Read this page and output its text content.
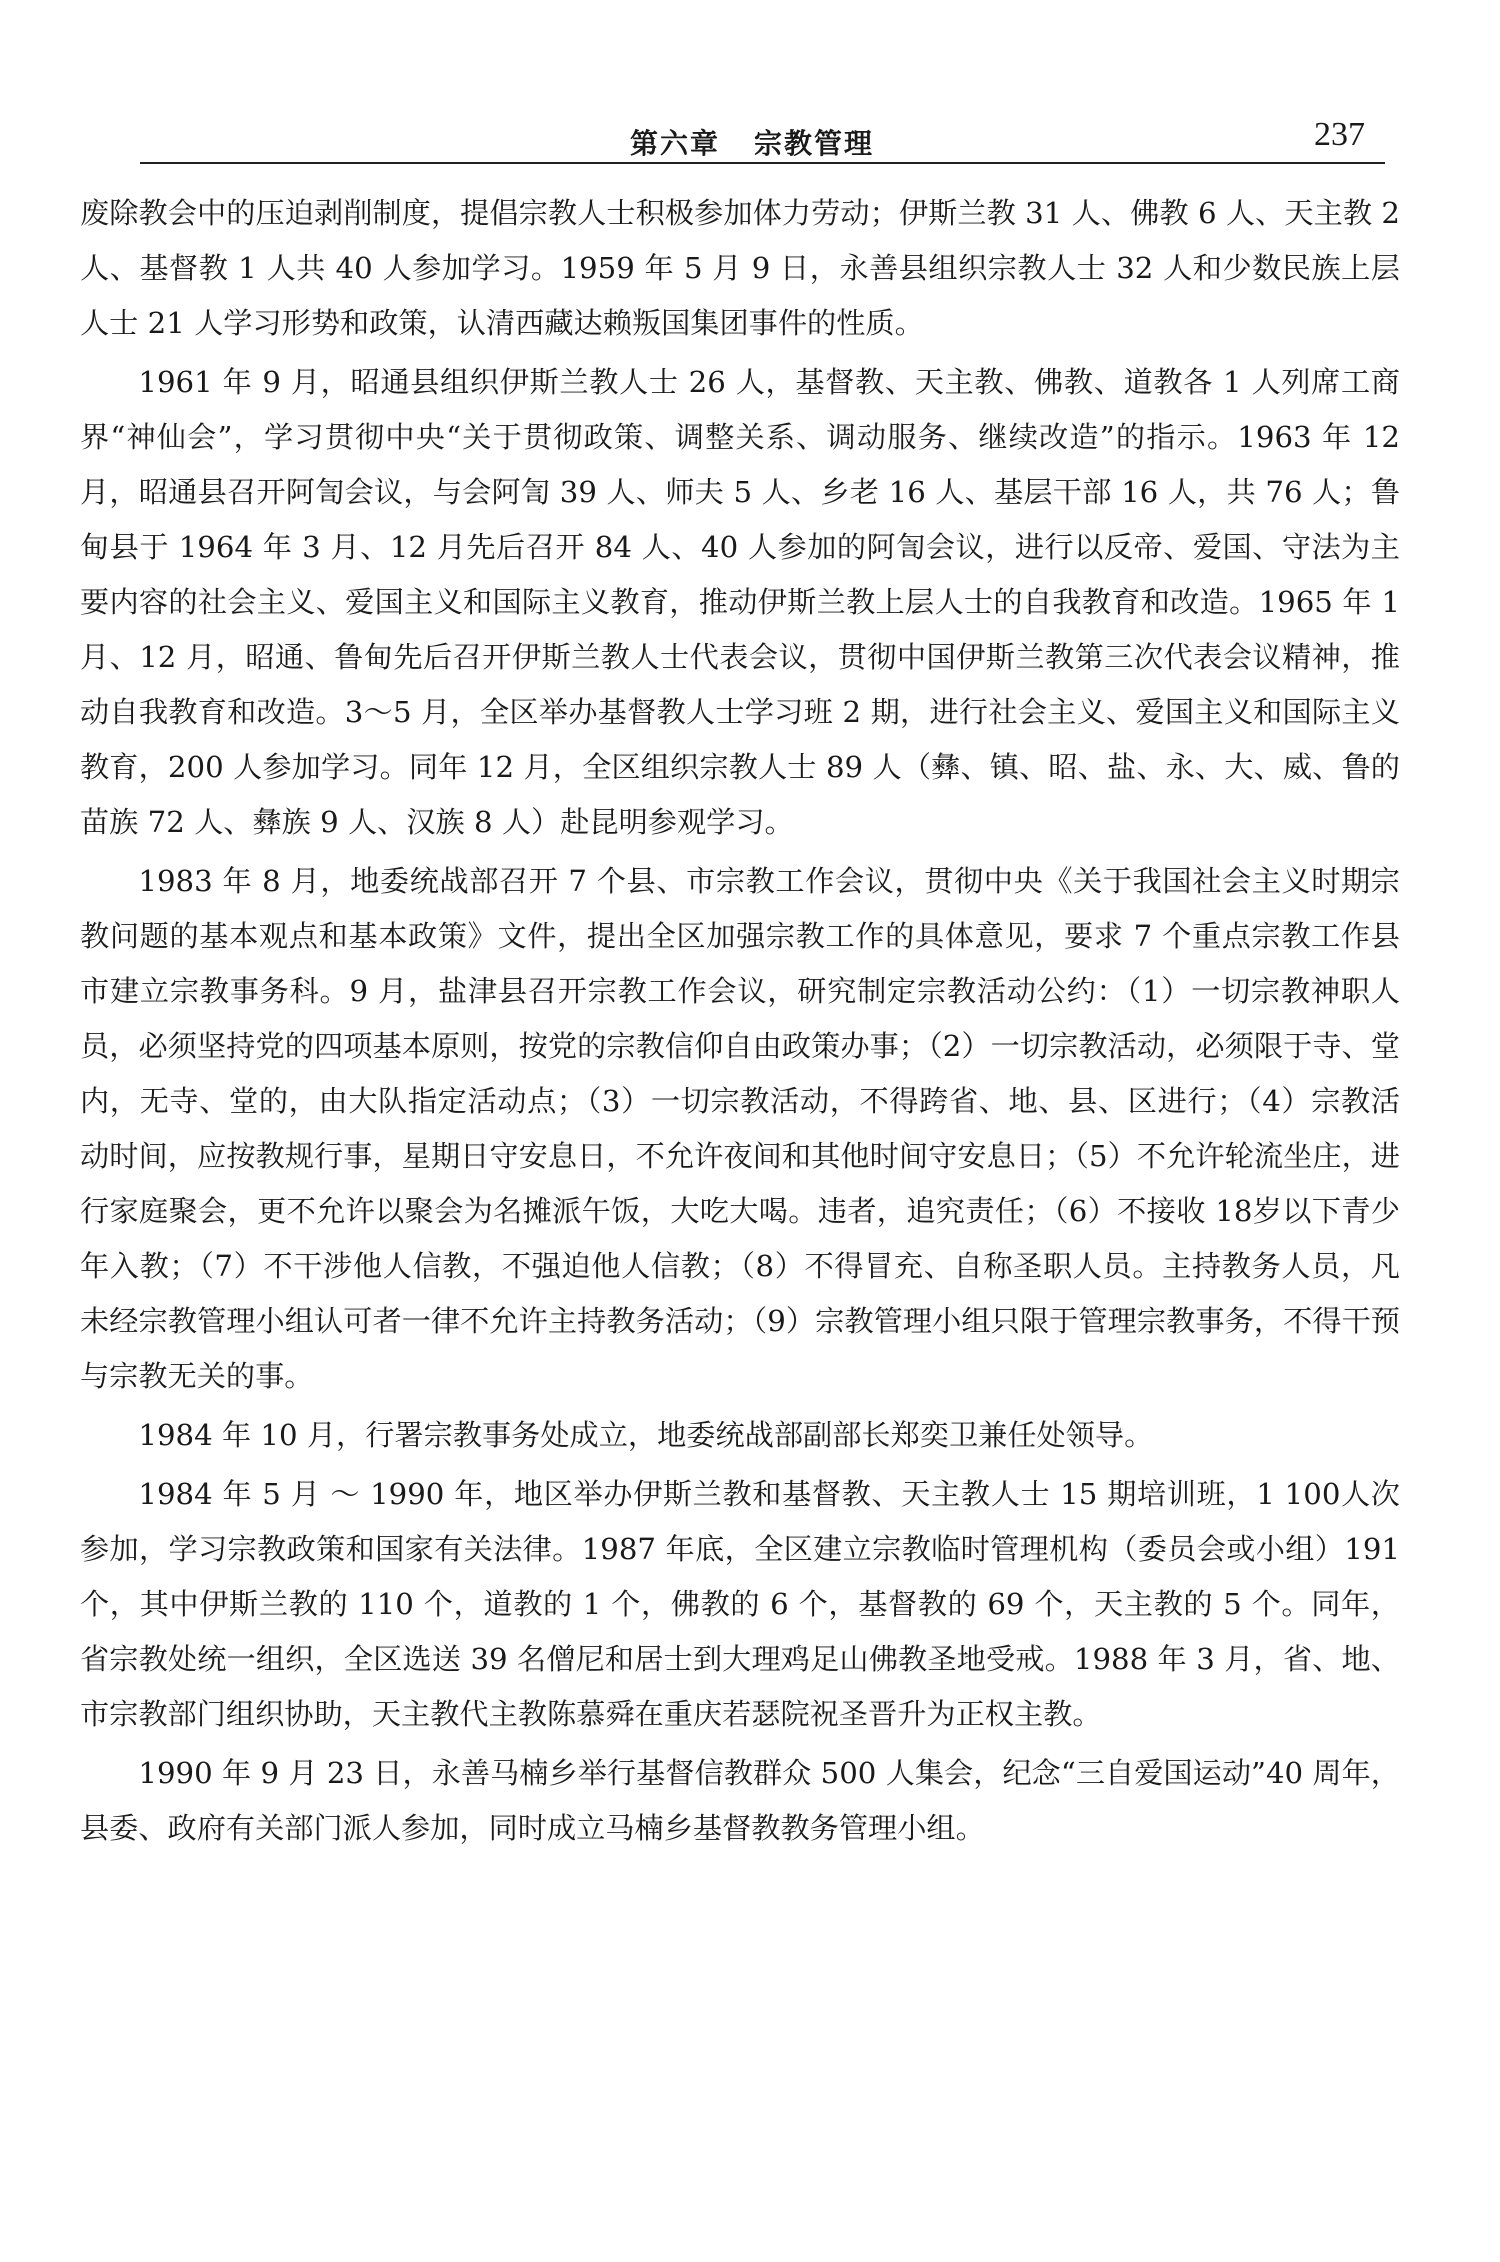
第六章 宗教管理	237

废除教会中的压迫剥削制度，提倡宗教人士积极参加体力劳动；伊斯兰教 31 人、佛教 6 人、天主教 2 人、基督教 1 人共 40 人参加学习。1959 年 5 月 9 日，永善县组织宗教人士 32 人和少数民族上层人士 21 人学习形势和政策，认清西藏达赖叛国集团事件的性质。

1961 年 9 月，昭通县组织伊斯兰教人士 26 人，基督教、天主教、佛教、道教各 1 人列席工商界“神仙会”，学习贯彻中央“关于贯彻政策、调整关系、调动服务、继续改造”的指示。1963 年 12 月，昭通县召开阿訇会议，与会阿訇 39 人、师夫 5 人、乡老 16 人、基层干部 16 人，共 76 人；鲁甸县于 1964 年 3 月、12 月先后召开 84 人、40 人参加的阿訇会议，进行以反帝、爱国、守法为主要内容的社会主义、爱国主义和国际主义教育，推动伊斯兰教上层人士的自我教育和改造。1965 年 1 月、12 月，昭通、鲁甸先后召开伊斯兰教人士代表会议，贯彻中国伊斯兰教第三次代表会议精神，推动自我教育和改造。3～5 月，全区举办基督教人士学习班 2 期，进行社会主义、爱国主义和国际主义教育，200 人参加学习。同年 12 月，全区组织宗教人士 89 人（彝、镇、昭、盐、永、大、威、鲁的苗族 72 人、彝族 9 人、汉族 8 人）赴昆明参观学习。

1983 年 8 月，地委统战部召开 7 个县、市宗教工作会议，贯彻中央《关于我国社会主义时期宗教问题的基本观点和基本政策》文件，提出全区加强宗教工作的具体意见，要求 7 个重点宗教工作县市建立宗教事务科。9 月，盐津县召开宗教工作会议，研究制定宗教活动公约：（1）一切宗教神职人员，必须坚持党的四项基本原则，按党的宗教信仰自由政策办事；（2）一切宗教活动，必须限于寺、堂内，无寺、堂的，由大队指定活动点；（3）一切宗教活动，不得跨省、地、县、区进行；（4）宗教活动时间，应按教规行事，星期日守安息日，不允许夜间和其他时间守安息日；（5）不允许轮流坐庄，进行家庭聚会，更不允许以聚会为名摊派午饭，大吃大喝。违者，追究责任；（6）不接收 18岁以下青少年入教；（7）不干涉他人信教，不强迫他人信教；（8）不得冒充、自称圣职人员。主持教务人员，凡未经宗教管理小组认可者一律不允许主持教务活动；（9）宗教管理小组只限于管理宗教事务，不得干预与宗教无关的事。

1984 年 10 月，行署宗教事务处成立，地委统战部副部长郑奕卫兼任处领导。

1984 年 5 月 ～ 1990 年，地区举办伊斯兰教和基督教、天主教人士 15 期培训班，1 100人次参加，学习宗教政策和国家有关法律。1987 年底，全区建立宗教临时管理机构（委员会或小组）191 个，其中伊斯兰教的 110 个，道教的 1 个，佛教的 6 个，基督教的 69 个，天主教的 5 个。同年，省宗教处统一组织，全区选送 39 名僧尼和居士到大理鸡足山佛教圣地受戒。1988 年 3 月，省、地、市宗教部门组织协助，天主教代主教陈慕舜在重庆若瑟院祝圣晋升为正权主教。

1990 年 9 月 23 日，永善马楠乡举行基督信教群众 500 人集会，纪念“三自爱国运动”40 周年，县委、政府有关部门派人参加，同时成立马楠乡基督教教务管理小组。
